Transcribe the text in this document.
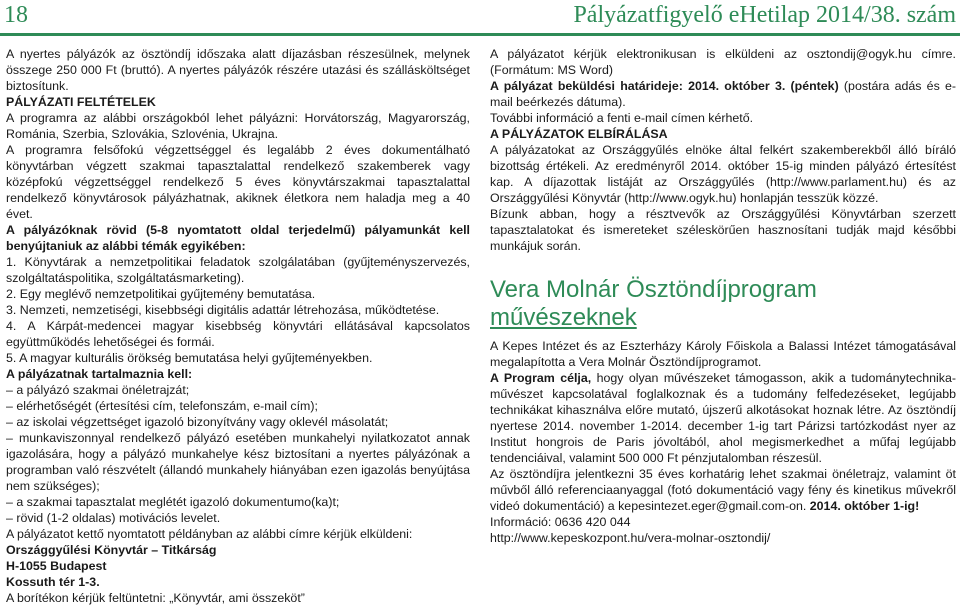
18	Pályázatfigyelő eHetilap 2014/38. szám

A nyertes pályázók az ösztöndíj időszaka alatt díjazásban részesülnek, melynek összege 250 000 Ft (bruttó). A nyertes pályázók részére utazási és szállásköltséget biztosítunk.

PÁLYÁZATI FELTÉTELEK

A programra az alábbi országokból lehet pályázni: Horvátország, Magyarország, Románia, Szerbia, Szlovákia, Szlovénia, Ukrajna.

A programra felsőfokú végzettséggel és legalább 2 éves dokumentálható könyvtárban végzett szakmai tapasztalattal rendelkező szakemberek vagy középfokú végzettséggel rendelkező 5 éves könyvtárszakmai tapasztalattal rendelkező könyvtárosok pályázhatnak, akiknek életkora nem haladja meg a 40 évet.

A pályázóknak rövid (5-8 nyomtatott oldal terjedelmű) pályamunkát kell benyújtaniuk az alábbi témák egyikében:

1. Könyvtárak a nemzetpolitikai feladatok szolgálatában (gyűjteményszervezés, szolgáltatáspolitika, szolgáltatásmarketing).

2. Egy meglévő nemzetpolitikai gyűjtemény bemutatása.

3. Nemzeti, nemzetiségi, kisebbségi digitális adattár létrehozása, működtetése.

4. A Kárpát-medencei magyar kisebbség könyvtári ellátásával kapcsolatos együttműködés lehetőségei és formái.

5. A magyar kulturális örökség bemutatása helyi gyűjteményekben.

A pályázatnak tartalmaznia kell:

– a pályázó szakmai önéletrajzát;

– elérhetőségét (értesítési cím, telefonszám, e-mail cím);

– az iskolai végzettséget igazoló bizonyítvány vagy oklevél másolatát;

– munkaviszonnyal rendelkező pályázó esetében munkahelyi nyilatkozatot annak igazolására, hogy a pályázó munkahelye kész biztosítani a nyertes pályázónak a programban való részvételt (állandó munkahely hiányában ezen igazolás benyújtása nem szükséges);

– a szakmai tapasztalat meglétét igazoló dokumentumo(ka)t;

– rövid (1-2 oldalas) motivációs levelet.

A pályázatot kettő nyomtatott példányban az alábbi címre kérjük elküldeni:

Országgyűlési Könyvtár – Titkárság

H-1055 Budapest

Kossuth tér 1-3.

A borítékon kérjük feltüntetni: „Könyvtár, ami összeköt”

A pályázatot kérjük elektronikusan is elküldeni az osztondij@ogyk.hu címre. (Formátum: MS Word)

A pályázat beküldési határideje: 2014. október 3. (péntek) (postára adás és e-mail beérkezés dátuma).

További információ a fenti e-mail címen kérhető.

A PÁLYÁZATOK ELBÍRÁLÁSA

A pályázatokat az Országgyűlés elnöke által felkért szakemberekből álló bíráló bizottság értékeli. Az eredményről 2014. október 15-ig minden pályázó értesítést kap. A díjazottak listáját az Országgyűlés (http://www.parlament.hu) és az Országgyűlési Könyvtár (http://www.ogyk.hu) honlapján tesszük közzé.

Bízunk abban, hogy a résztvevők az Országgyűlési Könyvtárban szerzett tapasztalatokat és ismereteket széleskörűen hasznosítani tudják majd későbbi munkájuk során.

Vera Molnár Ösztöndíjprogram
művészeknek

A Kepes Intézet és az Eszterházy Károly Főiskola a Balassi Intézet támogatásával megalapította a Vera Molnár Ösztöndíjprogramot.

A Program célja, hogy olyan művészeket támogasson, akik a tudománytechnika-művészet kapcsolatával foglalkoznak és a tudomány felfedezéseket, legújabb technikákat kihasználva előre mutató, újszerű alkotásokat hoznak létre. Az ösztöndíj nyertese 2014. november 1-2014. december 1-ig tart Párizsi tartózkodást nyer az Institut hongrois de Paris jóvoltából, ahol megismerkedhet a műfaj legújabb tendenciáival, valamint 500 000 Ft pénzjutalomban részesül.

Az ösztöndíjra jelentkezni 35 éves korhatárig lehet szakmai önéletrajz, valamint öt művből álló referenciaanyaggal (fotó dokumentáció vagy fény és kinetikus művekről videó dokumentáció) a kepesintezet.eger@gmail.com-on. 2014. október 1-ig!

Információ: 0636 420 044

http://www.kepeskozpont.hu/vera-molnar-osztondij/
